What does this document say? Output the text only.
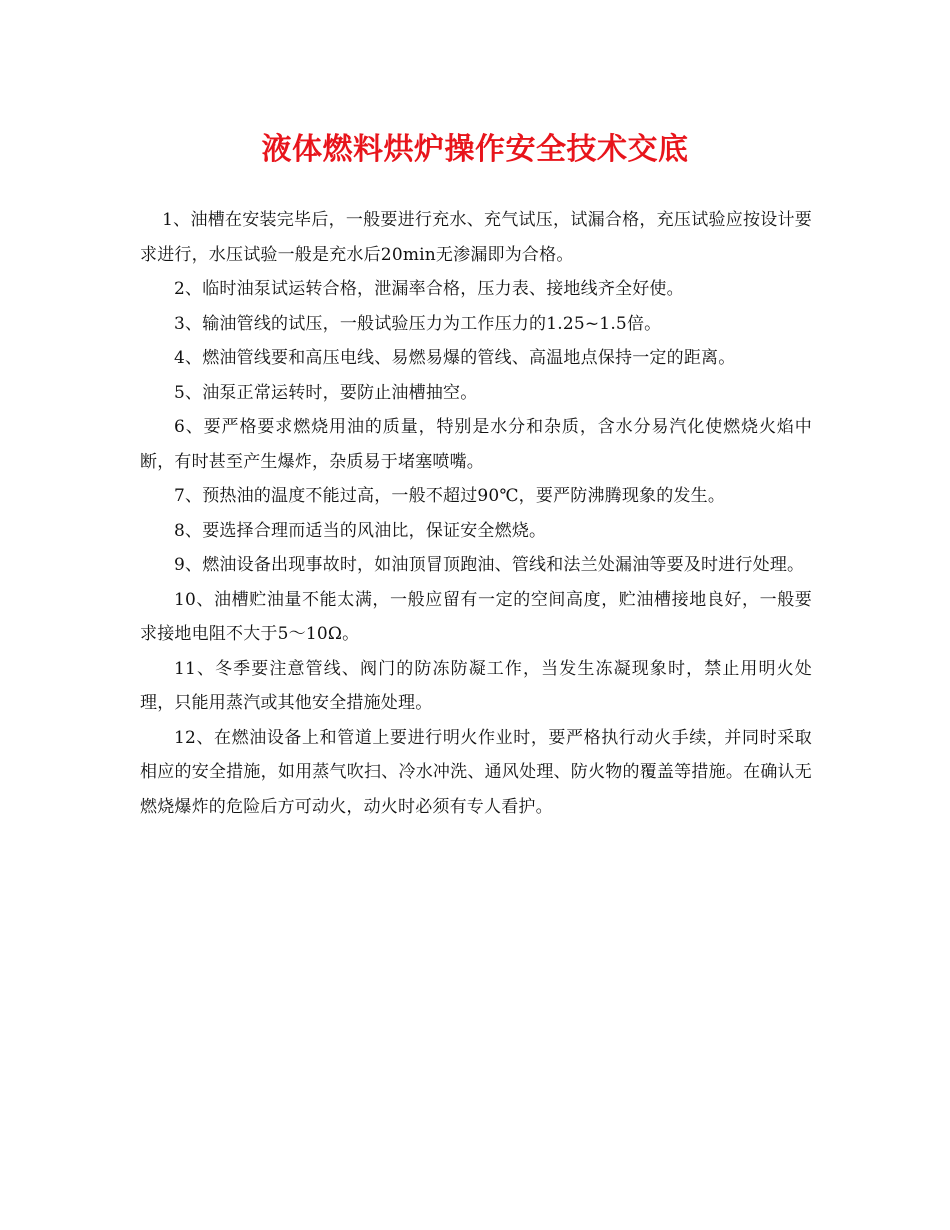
液体燃料烘炉操作安全技术交底

1、油槽在安装完毕后，一般要进行充水、充气试压，试漏合格，充压试验应按设计要求进行，水压试验一般是充水后20min无渗漏即为合格。

2、临时油泵试运转合格，泄漏率合格，压力表、接地线齐全好使。

3、输油管线的试压，一般试验压力为工作压力的1.25~1.5倍。

4、燃油管线要和高压电线、易燃易爆的管线、高温地点保持一定的距离。

5、油泵正常运转时，要防止油槽抽空。

6、要严格要求燃烧用油的质量，特别是水分和杂质，含水分易汽化使燃烧火焰中断，有时甚至产生爆炸，杂质易于堵塞喷嘴。

7、预热油的温度不能过高，一般不超过90℃，要严防沸腾现象的发生。

8、要选择合理而适当的风油比，保证安全燃烧。

9、燃油设备出现事故时，如油顶冒顶跑油、管线和法兰处漏油等要及时进行处理。

10、油槽贮油量不能太满，一般应留有一定的空间高度，贮油槽接地良好，一般要求接地电阻不大于5～10Ω。

11、冬季要注意管线、阀门的防冻防凝工作，当发生冻凝现象时，禁止用明火处理，只能用蒸汽或其他安全措施处理。

12、在燃油设备上和管道上要进行明火作业时，要严格执行动火手续，并同时采取相应的安全措施，如用蒸气吹扫、冷水冲洗、通风处理、防火物的覆盖等措施。在确认无燃烧爆炸的危险后方可动火，动火时必须有专人看护。
